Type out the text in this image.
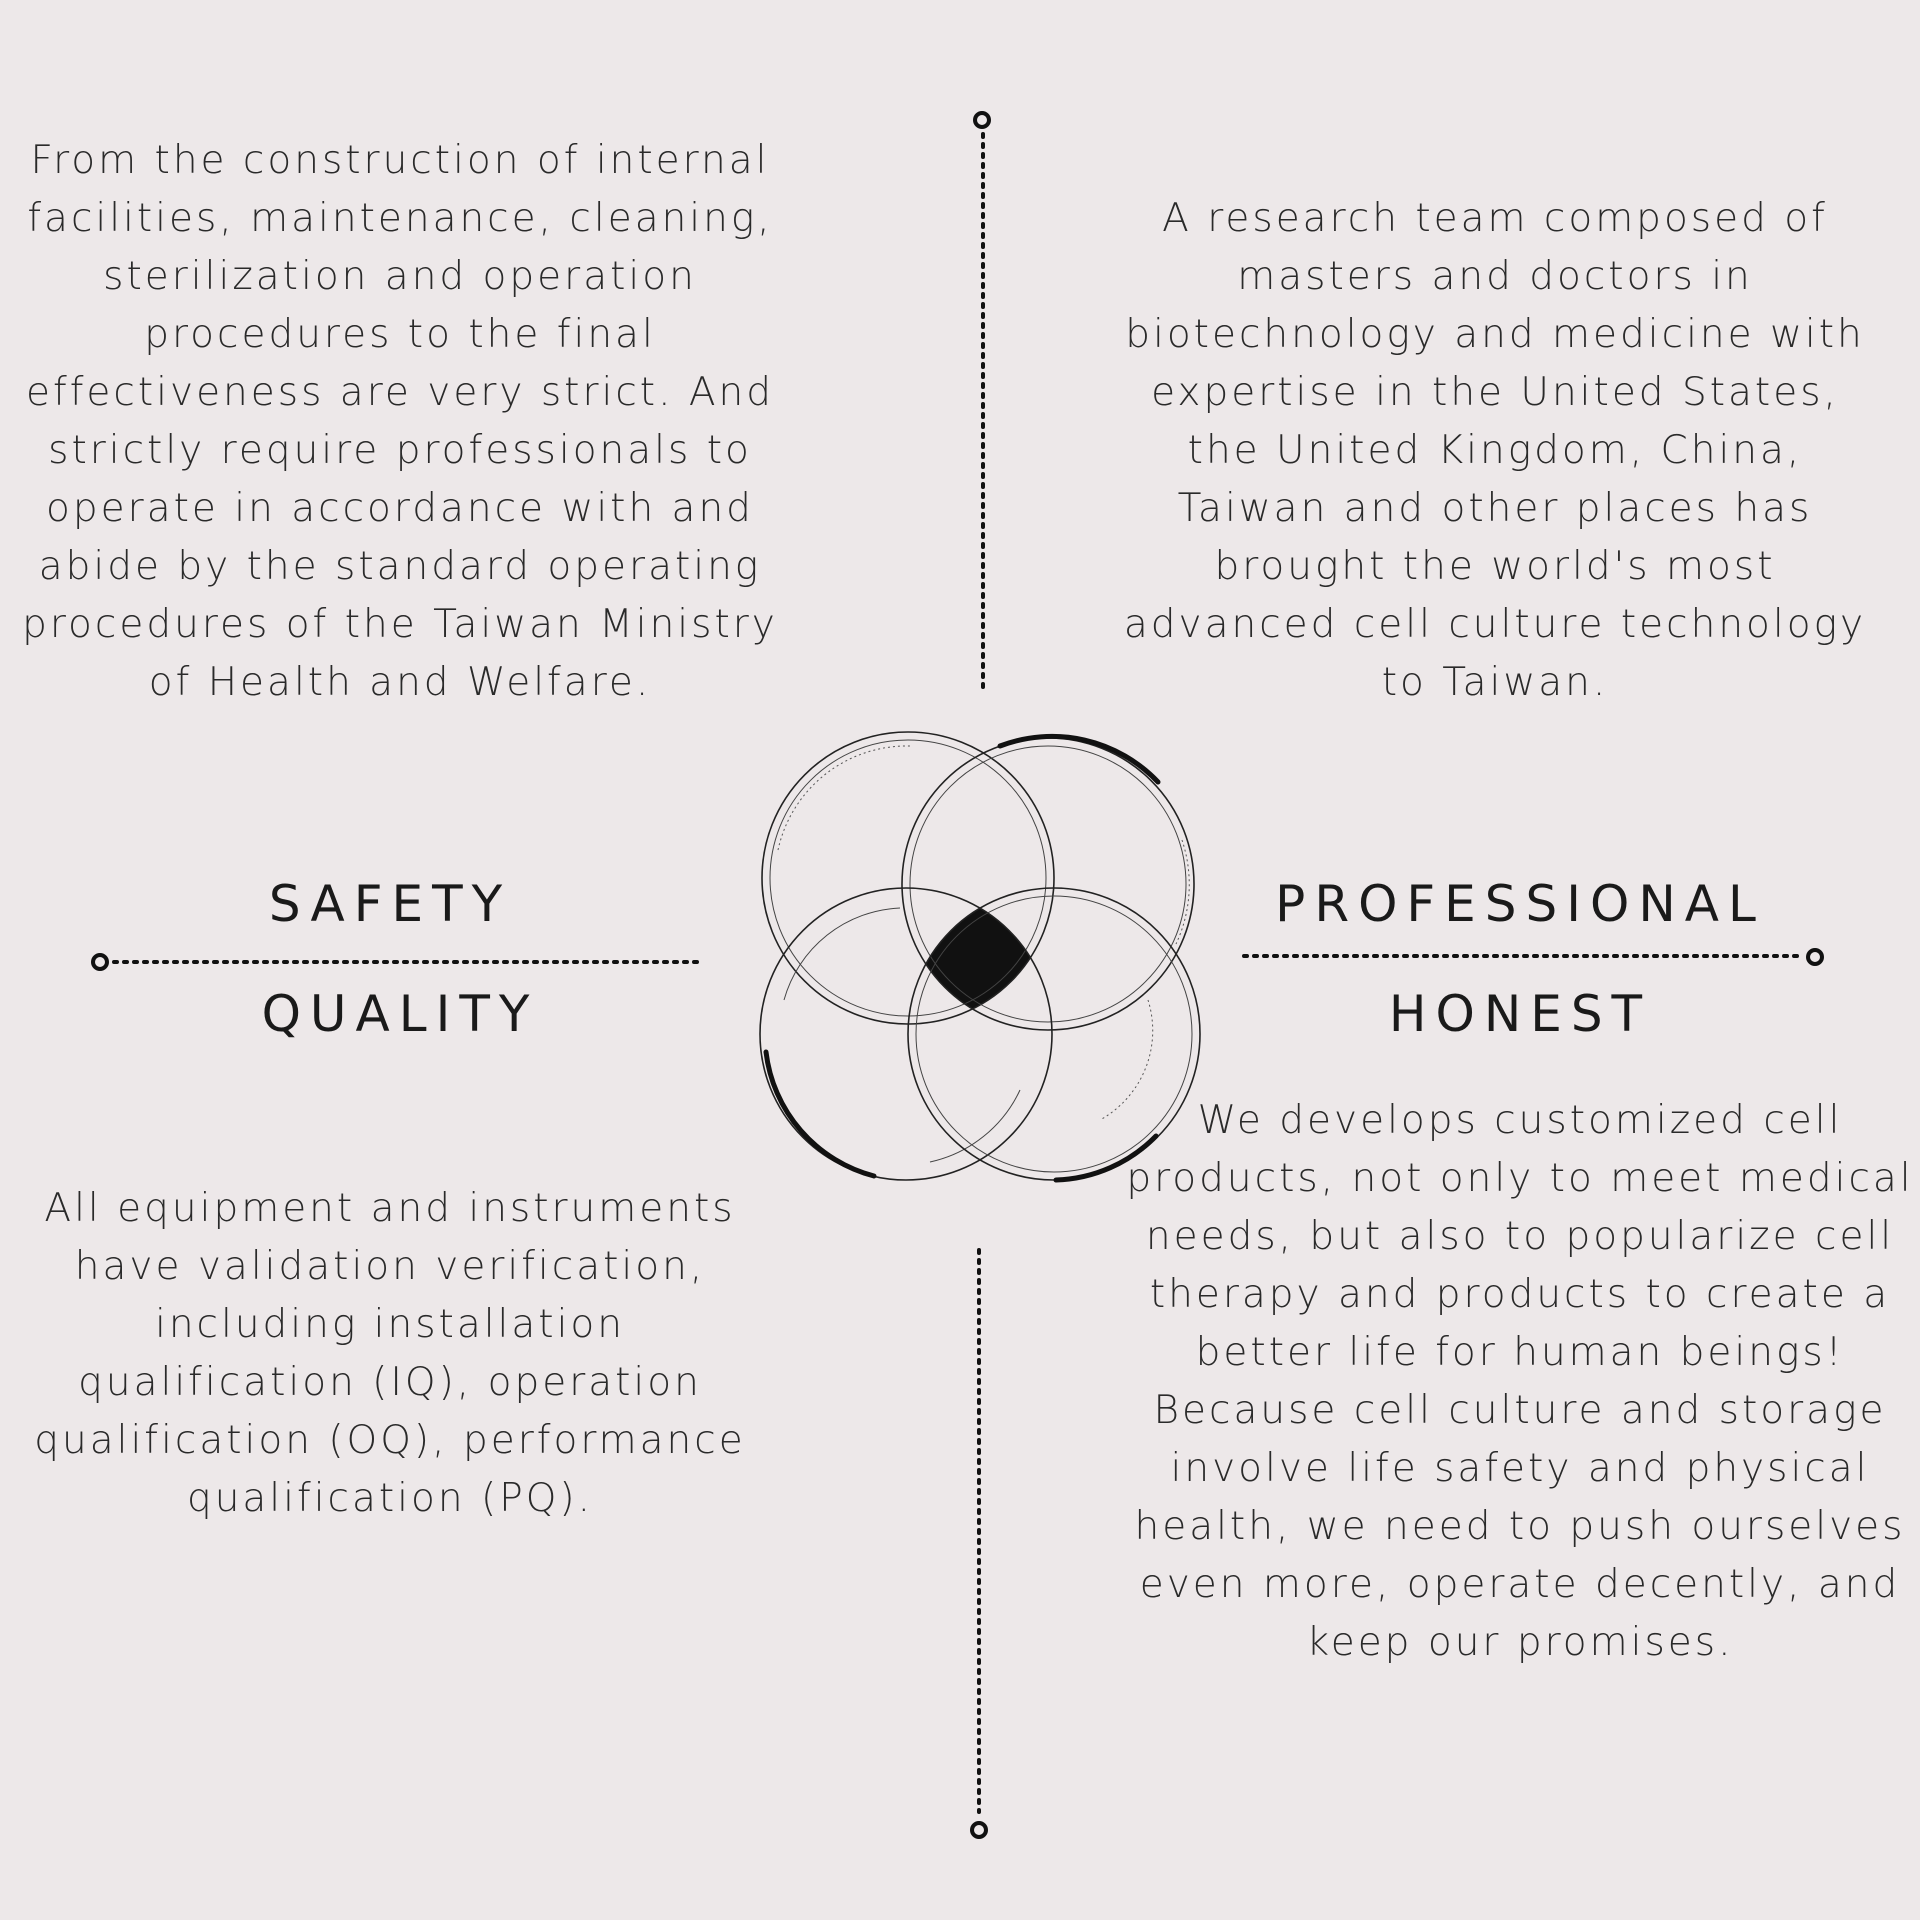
From the construction of internal facilities, maintenance, cleaning, sterilization and operation procedures to the final effectiveness are very strict. And strictly require professionals to operate in accordance with and abide by the standard operating procedures of the Taiwan Ministry of Health and Welfare.
A research team composed of masters and doctors in biotechnology and medicine with expertise in the United States, the United Kingdom, China, Taiwan and other places has brought the world's most advanced cell culture technology to Taiwan.
All equipment and instruments have validation verification, including installation qualification (IQ), operation qualification (OQ), performance qualification (PQ).
We develops customized cell products, not only to meet medical needs, but also to popularize cell therapy and products to create a better life for human beings! Because cell culture and storage involve life safety and physical health, we need to push ourselves even more, operate decently, and keep our promises.
SAFETY
QUALITY
PROFESSIONAL
HONEST
